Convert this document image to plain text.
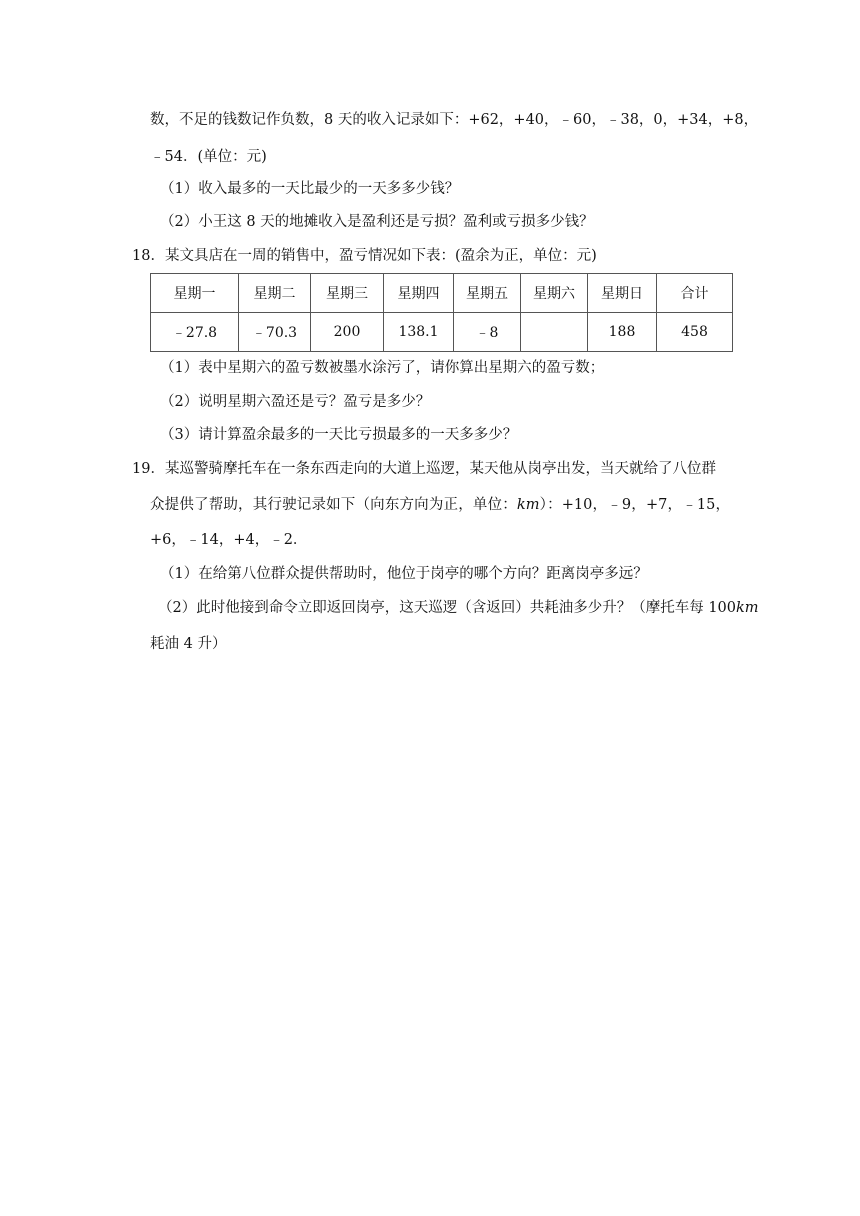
数，不足的钱数记作负数，8 天的收入记录如下：+62，+40，﹣60，﹣38，0，+34，+8，
﹣54．(单位：元)
（1）收入最多的一天比最少的一天多多少钱？
（2）小王这 8 天的地摊收入是盈利还是亏损？盈利或亏损多少钱？
18．某文具店在一周的销售中，盈亏情况如下表：(盈余为正，单位：元)
星期一	星期二	星期三	星期四	星期五	星期六	星期日	合计
﹣27.8	﹣70.3	200	138.1	﹣8		188	458
（1）表中星期六的盈亏数被墨水涂污了，请你算出星期六的盈亏数；
（2）说明星期六盈还是亏？盈亏是多少？
（3）请计算盈余最多的一天比亏损最多的一天多多少？
19．某巡警骑摩托车在一条东西走向的大道上巡逻，某天他从岗亭出发，当天就给了八位群
众提供了帮助，其行驶记录如下（向东方向为正，单位：km）：+10，﹣9，+7，﹣15，
+6，﹣14，+4，﹣2．
（1）在给第八位群众提供帮助时，他位于岗亭的哪个方向？距离岗亭多远？
（2）此时他接到命令立即返回岗亭，这天巡逻（含返回）共耗油多少升？（摩托车每 100km
耗油 4 升）
